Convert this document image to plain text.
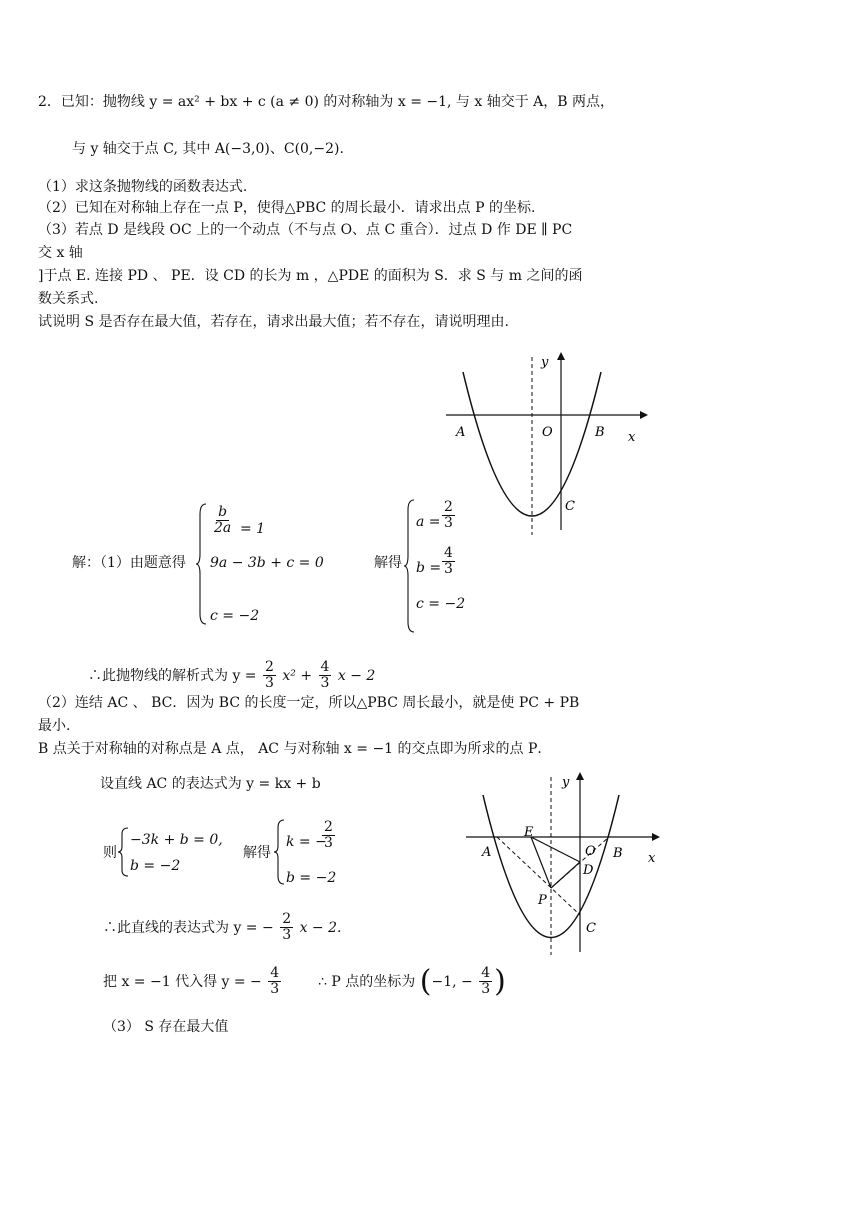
2．已知：抛物线 y = ax² + bx + c (a ≠ 0) 的对称轴为 x = −1, 与 x 轴交于 A，B 两点，
与 y 轴交于点 C, 其中 A(−3,0)、C(0,−2).
（1）求这条抛物线的函数表达式.
（2）已知在对称轴上存在一点 P，使得△PBC 的周长最小．请求出点 P 的坐标.
（3）若点 D 是线段 OC 上的一个动点（不与点 O、点 C 重合）．过点 D 作 DE ∥ PC
交 x 轴
]于点 E. 连接 PD 、 PE．设 CD 的长为 m ，△PDE 的面积为 S．求 S 与 m 之间的函
数关系式.
试说明 S 是否存在最大值，若存在，请求出最大值；若不存在，请说明理由.
y
x
A	O	B
C
解：（1）由题意得
$\frac{b}{2a} = 1$
9a − 3b + c = 0
c = −2
解得
$a = \frac{2}{3}$
$b = \frac{4}{3}$
c = −2
∴此抛物线的解析式为 $y = \frac{2}{3} x^2 + \frac{4}{3}$ x − 2
（2）连结 AC 、 BC．因为 BC 的长度一定，所以△PBC 周长最小，就是使 PC + PB
最小.
B 点关于对称轴的对称点是 A 点， AC 与对称轴 x = −1 的交点即为所求的点 P．
设直线 AC 的表达式为 y = kx + b
则
−3k + b = 0,
b = −2
解得
k = −
$\frac{2}{3}$
b = −2
∴此直线的表达式为 y = − $\frac{2}{3}$ x − 2.
把 x = −1 代入得 y = − $\frac{4}{3}$	∴ P 点的坐标为 (−1, − $\frac{4}{3}$ )
y
x
A
E
O B
D
P
C
（3） S 存在最大值
